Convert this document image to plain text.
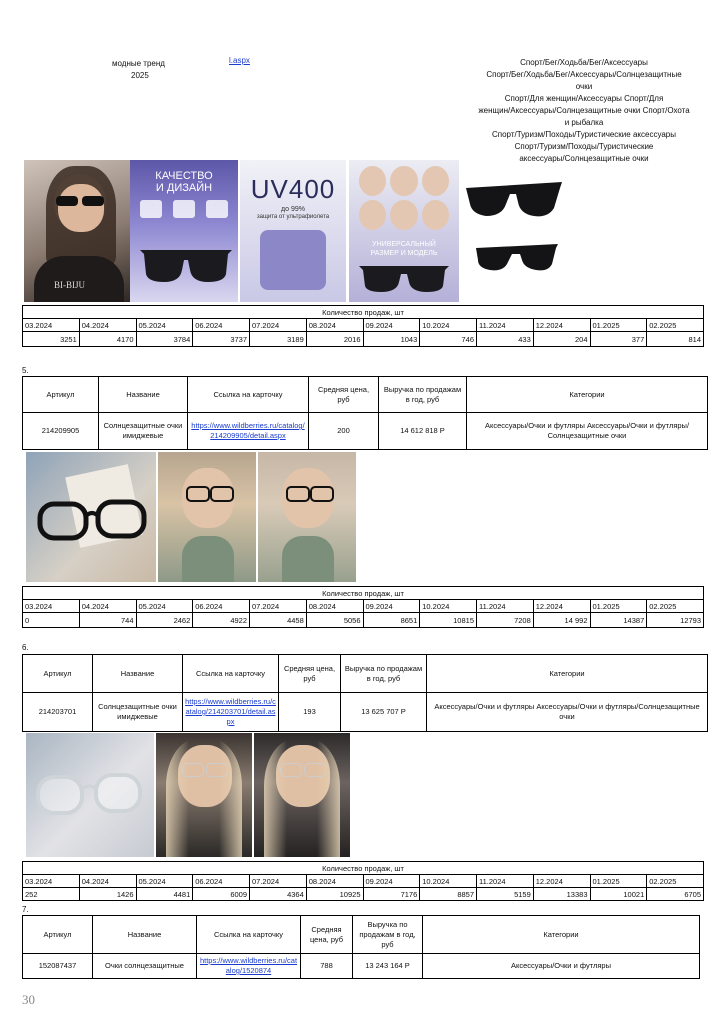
модные тренд
2025
l.aspx	Спорт/Бег/Ходьба/Бег/Аксессуары
Спорт/Бег/Ходьба/Бег/Аксессуары/Солнцезащитные
очки
Спорт/Для женщин/Аксессуары Спорт/Для
женщин/Аксессуары/Солнцезащитные очки Спорт/Охота
и рыбалка
Спорт/Туризм/Походы/Туристические аксессуары
Спорт/Туризм/Походы/Туристические
аксессуары/Солнцезащитные очки
BI-BIJU
КАЧЕСТВО
И ДИЗАЙН	UV400
до 99%
защита от ультрафиолета
УНИВЕРСАЛЬНЫЙ
РАЗМЕР И МОДЕЛЬ
Количество продаж, шт											
03.2024	04.2024	05.2024	06.2024	07.2024	08.2024	09.2024	10.2024	11.2024	12.2024	01.2025	02.2025
3251	4170	3784	3737	3189	2016	1043	746	433	204	377	814
5.
Артикул	Название	Ссылка на карточку	Средняя цена, руб	Выручка по продажам в год, руб	Категории
214209905	Солнцезащитные очки имиджевые	https://www.wildberries.ru/catalog/214209905/detail.aspx	200	14 612 818 Р	Аксессуары/Очки и футляры Аксессуары/Очки и футляры/Солнцезащитные очки
Количество продаж, шт											
03.2024	04.2024	05.2024	06.2024	07.2024	08.2024	09.2024	10.2024	11.2024	12.2024	01.2025	02.2025
0	744	2462	4922	4458	5056	8651	10815	7208	14 992	14387	12793
6.
Артикул	Название	Ссылка на карточку	Средняя цена, руб	Выручка по продажам в год, руб	Категории
214203701	Солнцезащитные очки имиджевые	https://www.wildberries.ru/catalog/214203701/detail.aspx	193	13 625 707 Р	Аксессуары/Очки и футляры Аксессуары/Очки и футляры/Солнцезащитные очки
Количество продаж, шт											
03.2024	04.2024	05.2024	06.2024	07.2024	08.2024	09.2024	10.2024	11.2024	12.2024	01.2025	02.2025
252	1426	4481	6009	4364	10925	7176	8857	5159	13383	10021	6705
7.
Артикул	Название	Ссылка на карточку	Средняя цена, руб	Выручка по продажам в год, руб	Категории
152087437	Очки солнцезащитные	https://www.wildberries.ru/catalog/1520874	788	13 243 164 Р	Аксессуары/Очки и футляры
30
